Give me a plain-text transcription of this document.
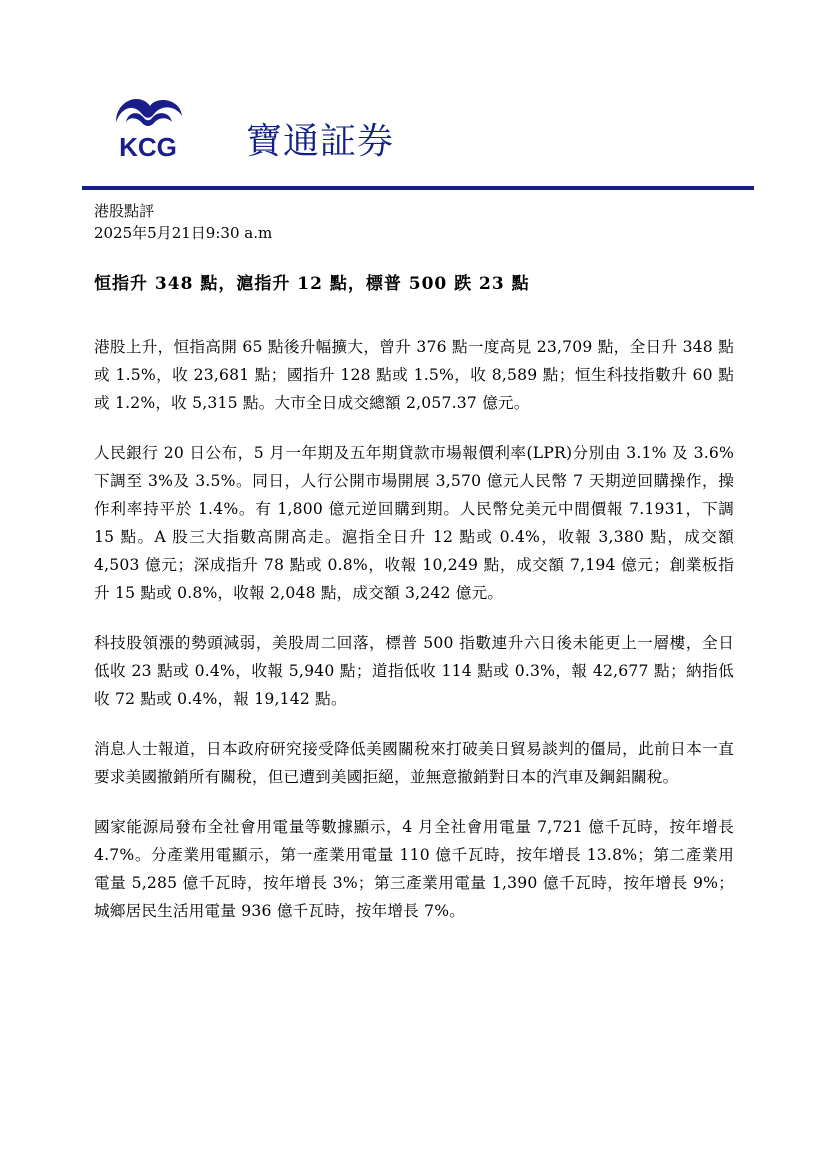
KCG 寶通証券
港股點評
2025年5月21日9:30 a.m
恒指升 348 點，滬指升 12 點，標普 500 跌 23 點

港股上升，恒指高開 65 點後升幅擴大，曾升 376 點一度高見 23,709 點，全日升 348 點或 1.5%，收 23,681 點；國指升 128 點或 1.5%，收 8,589 點；恒生科技指數升 60 點或 1.2%，收 5,315 點。大市全日成交總額 2,057.37 億元。

人民銀行 20 日公布，5 月一年期及五年期貸款市場報價利率(LPR)分別由 3.1% 及 3.6%下調至 3%及 3.5%。同日，人行公開市場開展 3,570 億元人民幣 7 天期逆回購操作，操作利率持平於 1.4%。有 1,800 億元逆回購到期。人民幣兌美元中間價報 7.1931，下調 15 點。A 股三大指數高開高走。滬指全日升 12 點或 0.4%，收報 3,380 點，成交額 4,503 億元；深成指升 78 點或 0.8%，收報 10,249 點，成交額 7,194 億元；創業板指升 15 點或 0.8%，收報 2,048 點，成交額 3,242 億元。

科技股領漲的勢頭減弱，美股周二回落，標普 500 指數連升六日後未能更上一層樓，全日低收 23 點或 0.4%，收報 5,940 點；道指低收 114 點或 0.3%，報 42,677 點；納指低收 72 點或 0.4%，報 19,142 點。

消息人士報道，日本政府研究接受降低美國關稅來打破美日貿易談判的僵局，此前日本一直要求美國撤銷所有關稅，但已遭到美國拒絕，並無意撤銷對日本的汽車及鋼鋁關稅。

國家能源局發布全社會用電量等數據顯示，4 月全社會用電量 7,721 億千瓦時，按年增長 4.7%。分產業用電顯示，第一產業用電量 110 億千瓦時，按年增長 13.8%；第二產業用電量 5,285 億千瓦時，按年增長 3%；第三產業用電量 1,390 億千瓦時，按年增長 9%；城鄉居民生活用電量 936 億千瓦時，按年增長 7%。
